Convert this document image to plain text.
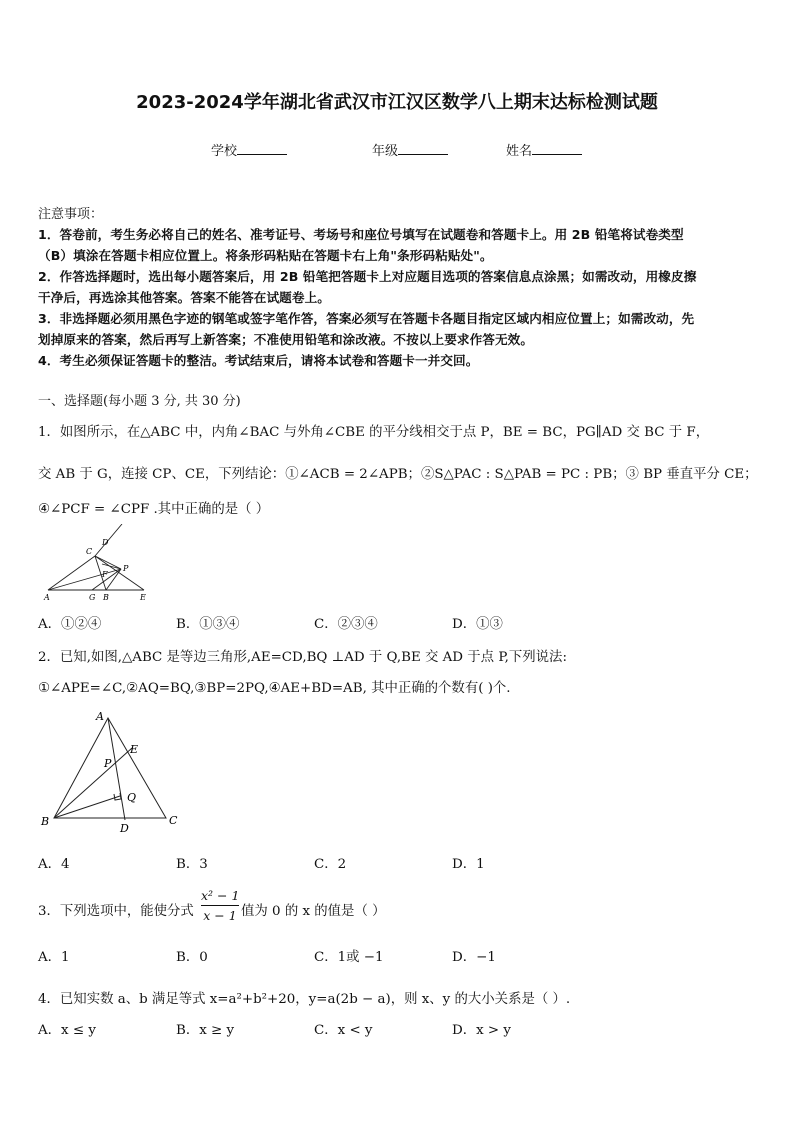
2023-2024学年湖北省武汉市江汉区数学八上期末达标检测试题
学校	年级	姓名
注意事项：
1．答卷前，考生务必将自己的姓名、准考证号、考场号和座位号填写在试题卷和答题卡上。用 2B 铅笔将试卷类型
（B）填涂在答题卡相应位置上。将条形码粘贴在答题卡右上角"条形码粘贴处"。
2．作答选择题时，选出每小题答案后，用 2B 铅笔把答题卡上对应题目选项的答案信息点涂黑；如需改动，用橡皮擦
干净后，再选涂其他答案。答案不能答在试题卷上。
3．非选择题必须用黑色字迹的钢笔或签字笔作答，答案必须写在答题卡各题目指定区域内相应位置上；如需改动，先
划掉原来的答案，然后再写上新答案；不准使用铅笔和涂改液。不按以上要求作答无效。
4．考生必须保证答题卡的整洁。考试结束后，请将本试卷和答题卡一并交回。
一、选择题(每小题 3 分, 共 30 分)
1．如图所示，在△ABC 中，内角∠BAC 与外角∠CBE 的平分线相交于点 P，BE = BC，PG∥AD 交 BC 于 F，
交 AB 于 G，连接 CP、CE，下列结论：①∠ACB = 2∠APB；②S△PAC : S△PAB = PC : PB；③ BP 垂直平分 CE；
④∠PCF = ∠CPF .其中正确的是（ ）
A	G B	E
C
D
P
F
A．①②④	B．①③④	C．②③④	D．①③
2．已知,如图,△ABC 是等边三角形,AE=CD,BQ ⊥AD 于 Q,BE 交 AD 于点 P,下列说法:
①∠APE=∠C,②AQ=BQ,③BP=2PQ,④AE+BD=AB, 其中正确的个数有( )个.
A
E
P
Q
B
D
C
A．4	B．3	C．2	D．1
3．下列选项中，能使分式 $\frac{\text{x² − 1}}{x - 1}$ 值为 0 的 x 的值是（ ）
A．1	B．0	C．1或 −1	D．−1
4．已知实数 a、b 满足等式 x=a²+b²+20，y=a(2b − a)，则 x、y 的大小关系是（ ）.
A．x ≤ y	B．x ≥ y	C．x < y	D．x > y
